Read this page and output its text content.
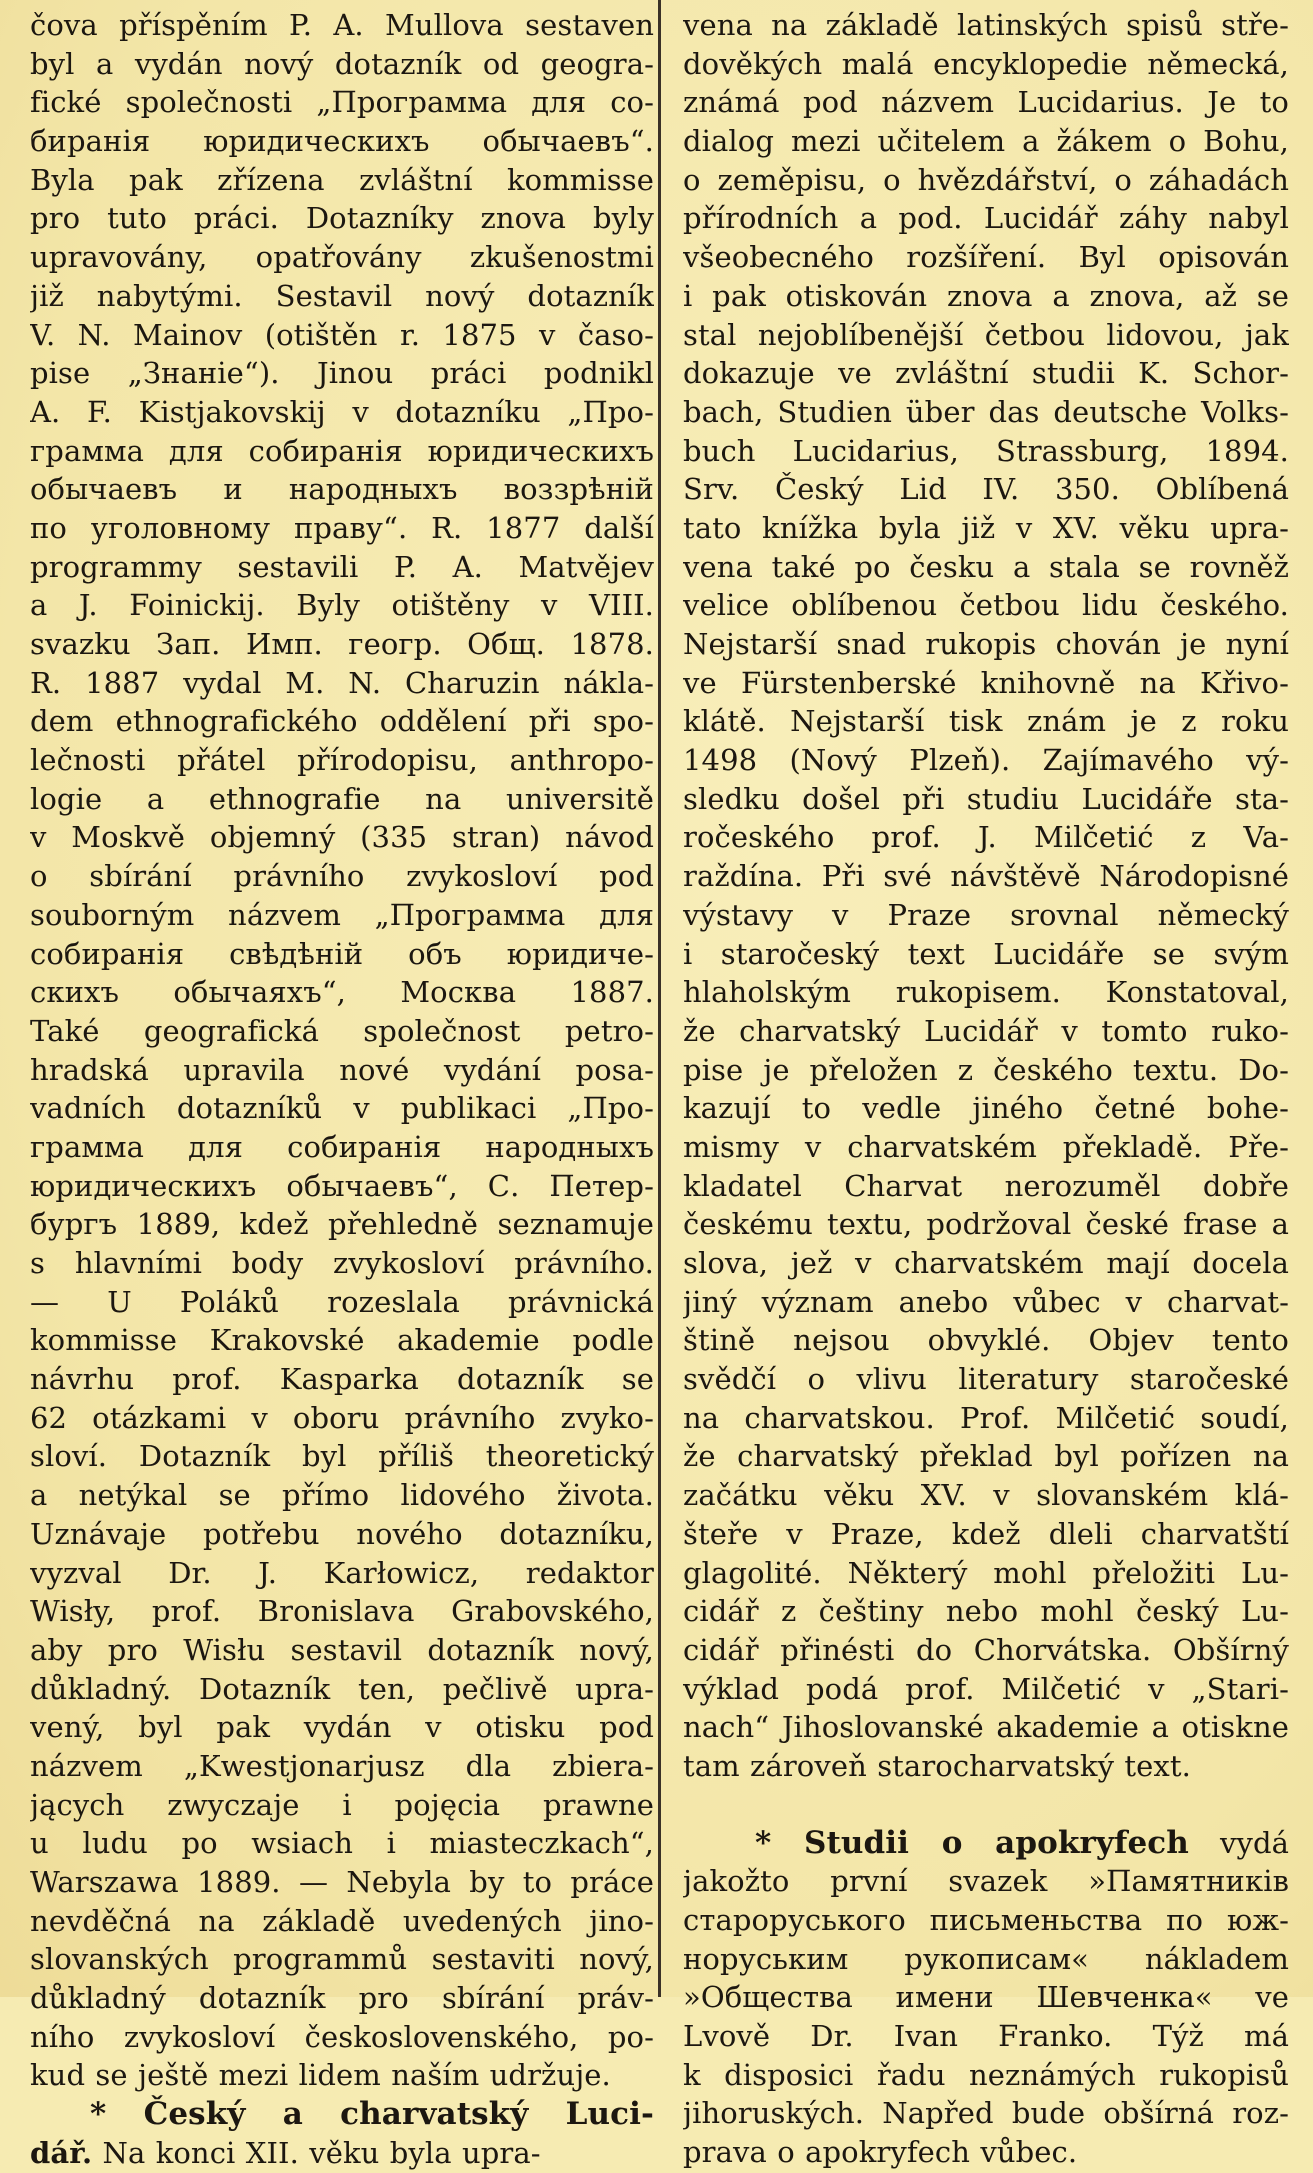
čova příspěním P. A. Mullova sestaven
byl a vydán nový dotazník od geogra-
fické společnosti „Программа для со-
биранія юридическихъ обычаевъ“.
Byla pak zřízena zvláštní kommisse
pro tuto práci. Dotazníky znova byly
upravovány, opatřovány zkušenostmi
již nabytými. Sestavil nový dotazník
V. N. Mainov (otištěn r. 1875 v časo-
pise „Знаніе“). Jinou práci podnikl
A. F. Kistjakovskij v dotazníku „Про-
грамма для собиранія юридическихъ
обычаевъ и народныхъ воззрѣній
по уголовному праву“. R. 1877 další
programmy sestavili P. A. Matvějev
a J. Foinickij. Byly otištěny v VIII.
svazku Зап. Имп. геогр. Общ. 1878.
R. 1887 vydal M. N. Charuzin nákla-
dem ethnografického oddělení při spo-
lečnosti přátel přírodopisu, anthropo-
logie a ethnografie na universitě
v Moskvě objemný (335 stran) návod
o sbírání právního zvykosloví pod
souborným názvem „Программа для
собиранія свѣдѣній объ юридиче-
скихъ обычаяхъ“, Москва 1887.
Také geografická společnost petro-
hradská upravila nové vydání posa-
vadních dotazníků v publikaci „Про-
грамма для собиранія народныхъ
юридическихъ обычаевъ“, С. Петер-
бургъ 1889, kdež přehledně seznamuje
s hlavními body zvykosloví právního.
— U Poláků rozeslala právnická
kommisse Krakovské akademie podle
návrhu prof. Kasparka dotazník se
62 otázkami v oboru právního zvyko-
sloví. Dotazník byl příliš theoretický
a netýkal se přímo lidového života.
Uznávaje potřebu nového dotazníku,
vyzval Dr. J. Karłowicz, redaktor
Wisły, prof. Bronislava Grabovského,
aby pro Wisłu sestavil dotazník nový,
důkladný. Dotazník ten, pečlivě upra-
vený, byl pak vydán v otisku pod
názvem „Kwestjonarjusz dla zbiera-
jących zwyczaje i pojęcia prawne
u ludu po wsiach i miasteczkach“,
Warszawa 1889. — Nebyla by to práce
nevděčná na základě uvedených jino-
slovanských programmů sestaviti nový,
důkladný dotazník pro sbírání práv-
ního zvykosloví československého, po-
kud se ještě mezi lidem naším udržuje.
* Český a charvatský Luci-
dář. Na konci XII. věku byla upra-
vena na základě latinských spisů stře-
dověkých malá encyklopedie německá,
známá pod názvem Lucidarius. Je to
dialog mezi učitelem a žákem o Bohu,
o zeměpisu, o hvězdářství, o záhadách
přírodních a pod. Lucidář záhy nabyl
všeobecného rozšíření. Byl opisován
i pak otiskován znova a znova, až se
stal nejoblíbenější četbou lidovou, jak
dokazuje ve zvláštní studii K. Schor-
bach, Studien über das deutsche Volks-
buch Lucidarius, Strassburg, 1894.
Srv. Český Lid IV. 350. Oblíbená
tato knížka byla již v XV. věku upra-
vena také po česku a stala se rovněž
velice oblíbenou četbou lidu českého.
Nejstarší snad rukopis chován je nyní
ve Fürstenberské knihovně na Křivo-
klátě. Nejstarší tisk znám je z roku
1498 (Nový Plzeň). Zajímavého vý-
sledku došel při studiu Lucidáře sta-
ročeského prof. J. Milčetić z Va-
raždína. Při své návštěvě Národopisné
výstavy v Praze srovnal německý
i staročeský text Lucidáře se svým
hlaholským rukopisem. Konstatoval,
že charvatský Lucidář v tomto ruko-
pise je přeložen z českého textu. Do-
kazují to vedle jiného četné bohe-
mismy v charvatském překladě. Pře-
kladatel Charvat nerozuměl dobře
českému textu, podržoval české frase a
slova, jež v charvatském mají docela
jiný význam anebo vůbec v charvat-
štině nejsou obvyklé. Objev tento
svědčí o vlivu literatury staročeské
na charvatskou. Prof. Milčetić soudí,
že charvatský překlad byl pořízen na
začátku věku XV. v slovanském klá-
šteře v Praze, kdež dleli charvatští
glagolité. Některý mohl přeložiti Lu-
cidář z češtiny nebo mohl český Lu-
cidář přinésti do Chorvátska. Obšírný
výklad podá prof. Milčetić v „Stari-
nach“ Jihoslovanské akademie a otiskne
tam zároveň starocharvatský text.
* Studii o apokryfech vydá
jakožto první svazek »Памятників
староруського письменьства по юж-
норуським рукописам« nákladem
»Общества имени Шевченка« ve
Lvově Dr. Ivan Franko. Týž má
k disposici řadu neznámých rukopisů
jihoruských. Napřed bude obšírná roz-
prava o apokryfech vůbec.
